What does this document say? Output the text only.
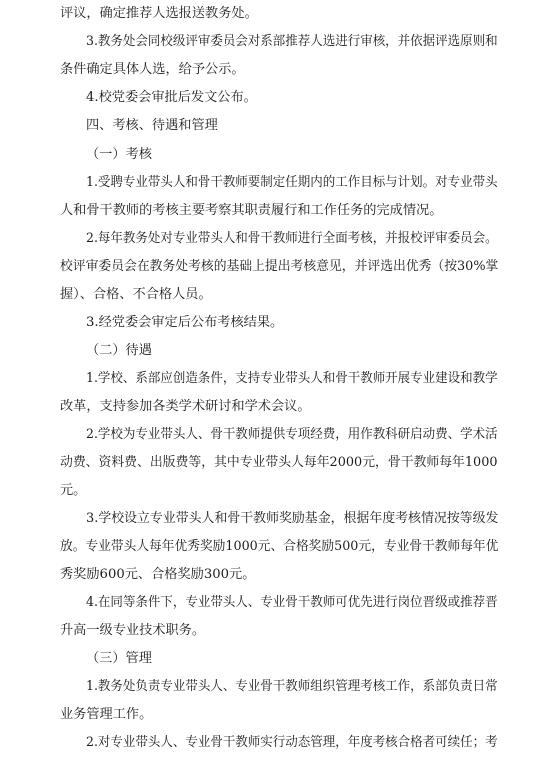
评议，确定推荐人选报送教务处。
3.教务处会同校级评审委员会对系部推荐人选进行审核，并依据评选原则和
条件确定具体人选，给予公示。
4.校党委会审批后发文公布。
四、考核、待遇和管理
（一）考核
1.受聘专业带头人和骨干教师要制定任期内的工作目标与计划。对专业带头
人和骨干教师的考核主要考察其职责履行和工作任务的完成情况。
2.每年教务处对专业带头人和骨干教师进行全面考核，并报校评审委员会。
校评审委员会在教务处考核的基础上提出考核意见，并评选出优秀（按30%掌
握）、合格、不合格人员。
3.经党委会审定后公布考核结果。
（二）待遇
1.学校、系部应创造条件，支持专业带头人和骨干教师开展专业建设和教学
改革，支持参加各类学术研讨和学术会议。
2.学校为专业带头人、骨干教师提供专项经费，用作教科研启动费、学术活
动费、资料费、出版费等，其中专业带头人每年2000元，骨干教师每年1000
元。
3.学校设立专业带头人和骨干教师奖励基金，根据年度考核情况按等级发
放。专业带头人每年优秀奖励1000元、合格奖励500元，专业骨干教师每年优
秀奖励600元、合格奖励300元。
4.在同等条件下，专业带头人、专业骨干教师可优先进行岗位晋级或推荐晋
升高一级专业技术职务。
（三）管理
1.教务处负责专业带头人、专业骨干教师组织管理考核工作，系部负责日常
业务管理工作。
2.对专业带头人、专业骨干教师实行动态管理，年度考核合格者可续任；考
